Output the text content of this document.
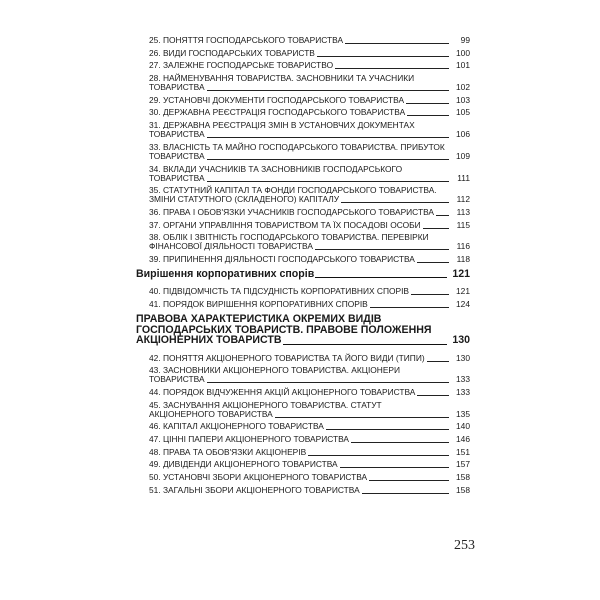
25. ПОНЯТТЯ ГОСПОДАРСЬКОГО ТОВАРИСТВА	99
26. ВИДИ ГОСПОДАРСЬКИХ ТОВАРИСТВ	100
27. ЗАЛЕЖНЕ ГОСПОДАРСЬКЕ ТОВАРИСТВО	101
28. НАЙМЕНУВАННЯ ТОВАРИСТВА. ЗАСНОВНИКИ ТА УЧАСНИКИ ТОВАРИСТВА	102
29. УСТАНОВЧІ ДОКУМЕНТИ ГОСПОДАРСЬКОГО ТОВАРИСТВА	103
30. ДЕРЖАВНА РЕЄСТРАЦІЯ ГОСПОДАРСЬКОГО ТОВАРИСТВА	105
31. ДЕРЖАВНА РЕЄСТРАЦІЯ ЗМІН В УСТАНОВЧИХ ДОКУМЕНТАХ ТОВАРИСТВА	106
33. ВЛАСНІСТЬ ТА МАЙНО ГОСПОДАРСЬКОГО ТОВАРИСТВА. ПРИБУТОК ТОВАРИСТВА	109
34. ВКЛАДИ УЧАСНИКІВ ТА ЗАСНОВНИКІВ ГОСПОДАРСЬКОГО ТОВАРИСТВА	111
35. СТАТУТНИЙ КАПІТАЛ ТА ФОНДИ ГОСПОДАРСЬКОГО ТОВАРИСТВА. ЗМІНИ СТАТУТНОГО (СКЛАДЕНОГО) КАПІТАЛУ	112
36. ПРАВА І ОБОВ'ЯЗКИ УЧАСНИКІВ ГОСПОДАРСЬКОГО ТОВАРИСТВА	113
37. ОРГАНИ УПРАВЛІННЯ ТОВАРИСТВОМ ТА ЇХ ПОСАДОВІ ОСОБИ	115
38. ОБЛІК І ЗВІТНІСТЬ ГОСПОДАРСЬКОГО ТОВАРИСТВА. ПЕРЕВІРКИ ФІНАНСОВОЇ ДІЯЛЬНОСТІ ТОВАРИСТВА	116
39. ПРИПИНЕННЯ ДІЯЛЬНОСТІ ГОСПОДАРСЬКОГО ТОВАРИСТВА	118
Вирішення корпоративних спорів	121
40. ПІДВІДОМЧІСТЬ ТА ПІДСУДНІСТЬ КОРПОРАТИВНИХ СПОРІВ	121
41. ПОРЯДОК ВИРІШЕННЯ КОРПОРАТИВНИХ СПОРІВ	124
ПРАВОВА ХАРАКТЕРИСТИКА ОКРЕМИХ ВИДІВ ГОСПОДАРСЬКИХ ТОВАРИСТВ. ПРАВОВЕ ПОЛОЖЕННЯ АКЦІОНЕРНИХ ТОВАРИСТВ	130
42. ПОНЯТТЯ АКЦІОНЕРНОГО ТОВАРИСТВА ТА ЙОГО ВИДИ (ТИПИ)	130
43. ЗАСНОВНИКИ АКЦІОНЕРНОГО ТОВАРИСТВА. АКЦІОНЕРИ ТОВАРИСТВА	133
44. ПОРЯДОК ВІДЧУЖЕННЯ АКЦІЙ АКЦІОНЕРНОГО ТОВАРИСТВА	133
45. ЗАСНУВАННЯ АКЦІОНЕРНОГО ТОВАРИСТВА. СТАТУТ АКЦІОНЕРНОГО ТОВАРИСТВА	135
46. КАПІТАЛ АКЦІОНЕРНОГО ТОВАРИСТВА	140
47. ЦІННІ ПАПЕРИ АКЦІОНЕРНОГО ТОВАРИСТВА	146
48. ПРАВА ТА ОБОВ'ЯЗКИ АКЦІОНЕРІВ	151
49. ДИВІДЕНДИ АКЦІОНЕРНОГО ТОВАРИСТВА	157
50. УСТАНОВЧІ ЗБОРИ АКЦІОНЕРНОГО ТОВАРИСТВА	158
51. ЗАГАЛЬНІ ЗБОРИ АКЦІОНЕРНОГО ТОВАРИСТВА	158
253
